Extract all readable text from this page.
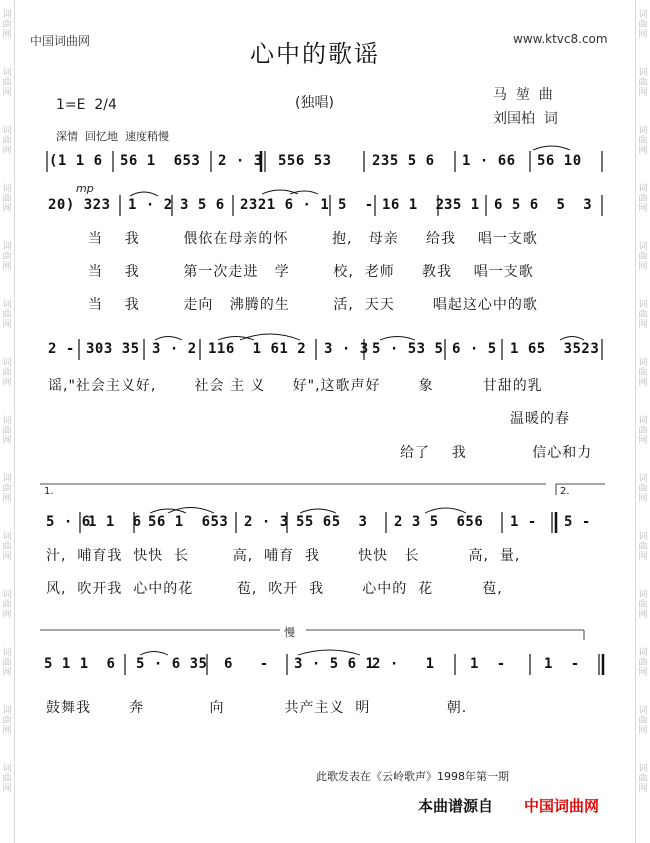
词
曲
网
词
曲
网
词
曲
网
词
曲
网
词
曲
网
词
曲
网
词
曲
网
词
曲
网
词
曲
网
词
曲
网
词
曲
网
词
曲
网
词
曲
网
词
曲
网
词
曲
网
词
曲
网
词
曲
网
词
曲
网
词
曲
网
词
曲
网
词
曲
网
词
曲
网
词
曲
网
词
曲
网
词
曲
网
词
曲
网
词
曲
网
词
曲
网
中国词曲网	www.ktvc8.com
心中的歌谣
1=E  2/4	(独唱)	马  堃  曲
刘国柏  词
深情  回忆地  速度稍慢
mp
(1 1 6 56 1  653 2 · 3 556 53	235 5 6 1 · 66 56 10
20) 323 1 · 2 3 5 6 2321 6 · 1 5  - 16 1  2 35 1 6 5 6  5  3
当    我        偎依在母亲的怀        抱,   母亲     给我    唱一支歌
当    我        第一次走进   学        校,  老师     教我    唱一支歌
当    我        走向   沸腾的生        活,  天天       唱起这心中的歌
2 - 303 35 3 · 2 116  1 61 2 3 · 3 5 · 53 5 6 · 5 1 65  3523
谣,"社会主义好,       社会 主 义     好",这歌声好       象         甘甜的乳
温暖的春
给了    我            信心和力
1.	2.
5 · 6
1 1  6 56 1  653 2 · 3 55 65  3 2 3 5  656 1 - 5 -
汁,  哺育我  快快  长        高,  哺育  我       快快   长         高,  量,
风,  吹开我  心中的花        苞,  吹开  我       心中的  花         苞,
慢
5 1 1  6 5 · 6 35 6   - 3 · 5 6 1
2 ·   1	1  -	1  -
鼓舞我       奔            向           共产主义  明              朝.
此歌发表在《云岭歌声》1998年第一期
本曲谱源自 中国词曲网
